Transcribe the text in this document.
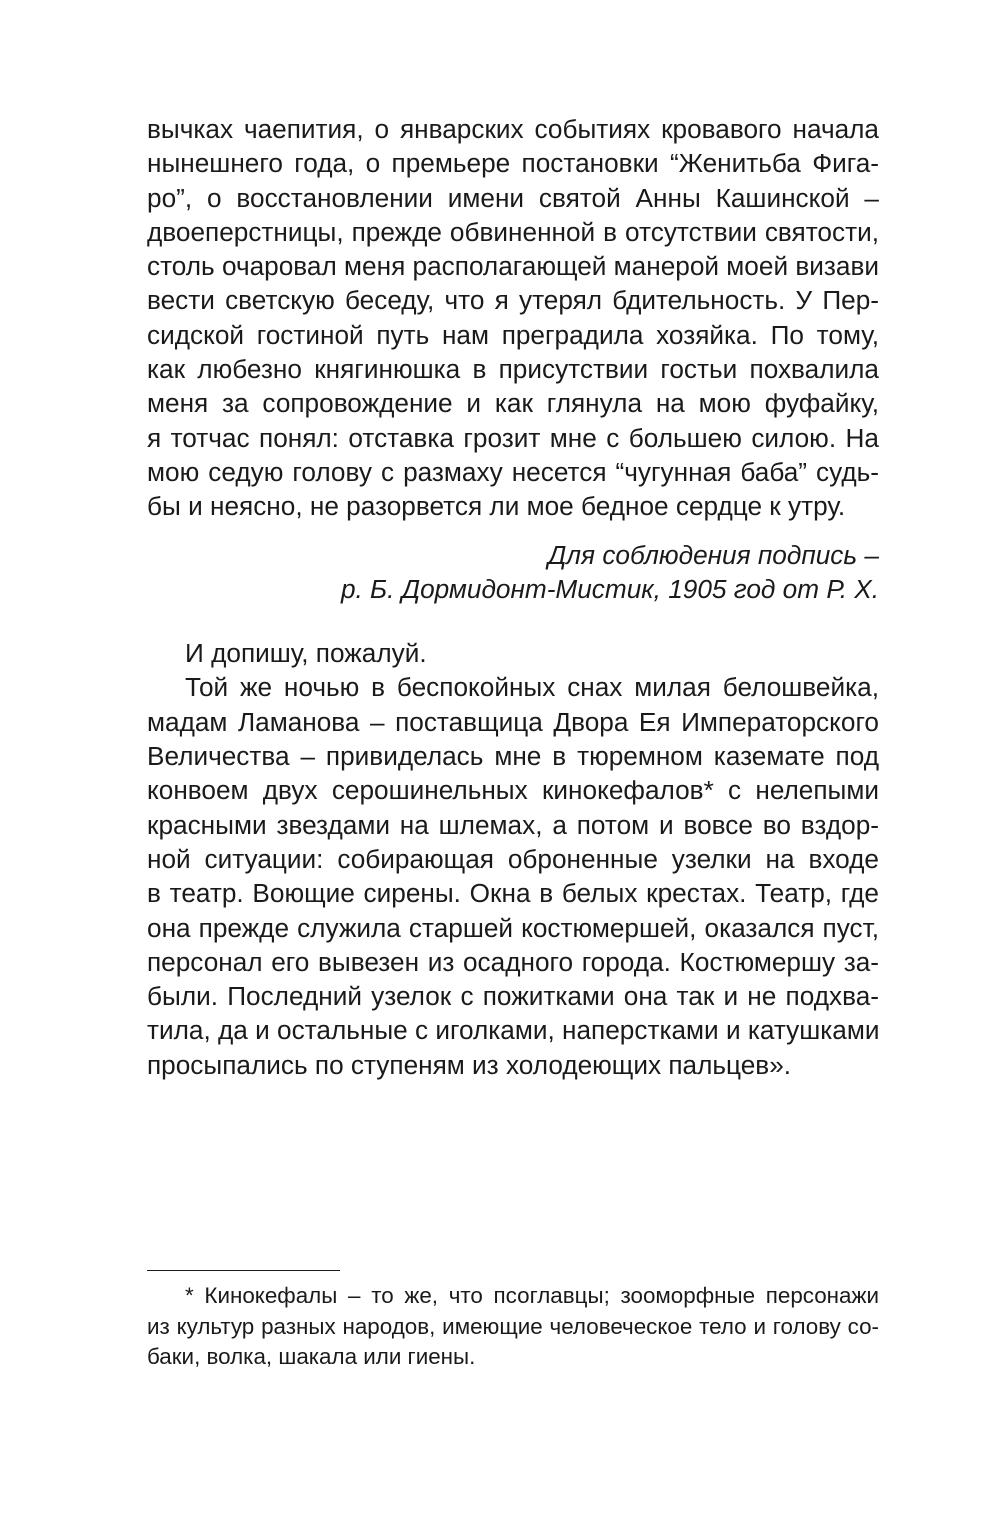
вычках чаепития, о январских событиях кровавого начала
нынешнего года, о премьере постановки “Женитьба Фига-
ро”, о восстановлении имени святой Анны Кашинской –
двоеперстницы, прежде обвиненной в отсутствии святости,
столь очаровал меня располагающей манерой моей визави
вести светскую беседу, что я утерял бдительность. У Пер-
сидской гостиной путь нам преградила хозяйка. По тому,
как любезно княгинюшка в присутствии гостьи похвалила
меня за сопровождение и как глянула на мою фуфайку,
я тотчас понял: отставка грозит мне с большею силою. На
мою седую голову с размаху несется “чугунная баба” судь-
бы и неясно, не разорвется ли мое бедное сердце к утру.
Для соблюдения подпись –
р. Б. Дормидонт-Мистик, 1905 год от Р. Х.
И допишу, пожалуй.
Той же ночью в беспокойных снах милая белошвейка,
мадам Ламанова – поставщица Двора Ея Императорского
Величества – привиделась мне в тюремном каземате под
конвоем двух серошинельных кинокефалов* с нелепыми
красными звездами на шлемах, а потом и вовсе во вздор-
ной ситуации: собирающая оброненные узелки на входе
в театр. Воющие сирены. Окна в белых крестах. Театр, где
она прежде служила старшей костюмершей, оказался пуст,
персонал его вывезен из осадного города. Костюмершу за-
были. Последний узелок с пожитками она так и не подхва-
тила, да и остальные с иголками, наперстками и катушками
просыпались по ступеням из холодеющих пальцев».
* Кинокефалы – то же, что псоглавцы; зооморфные персонажи
из культур разных народов, имеющие человеческое тело и голову со-
баки, волка, шакала или гиены.
